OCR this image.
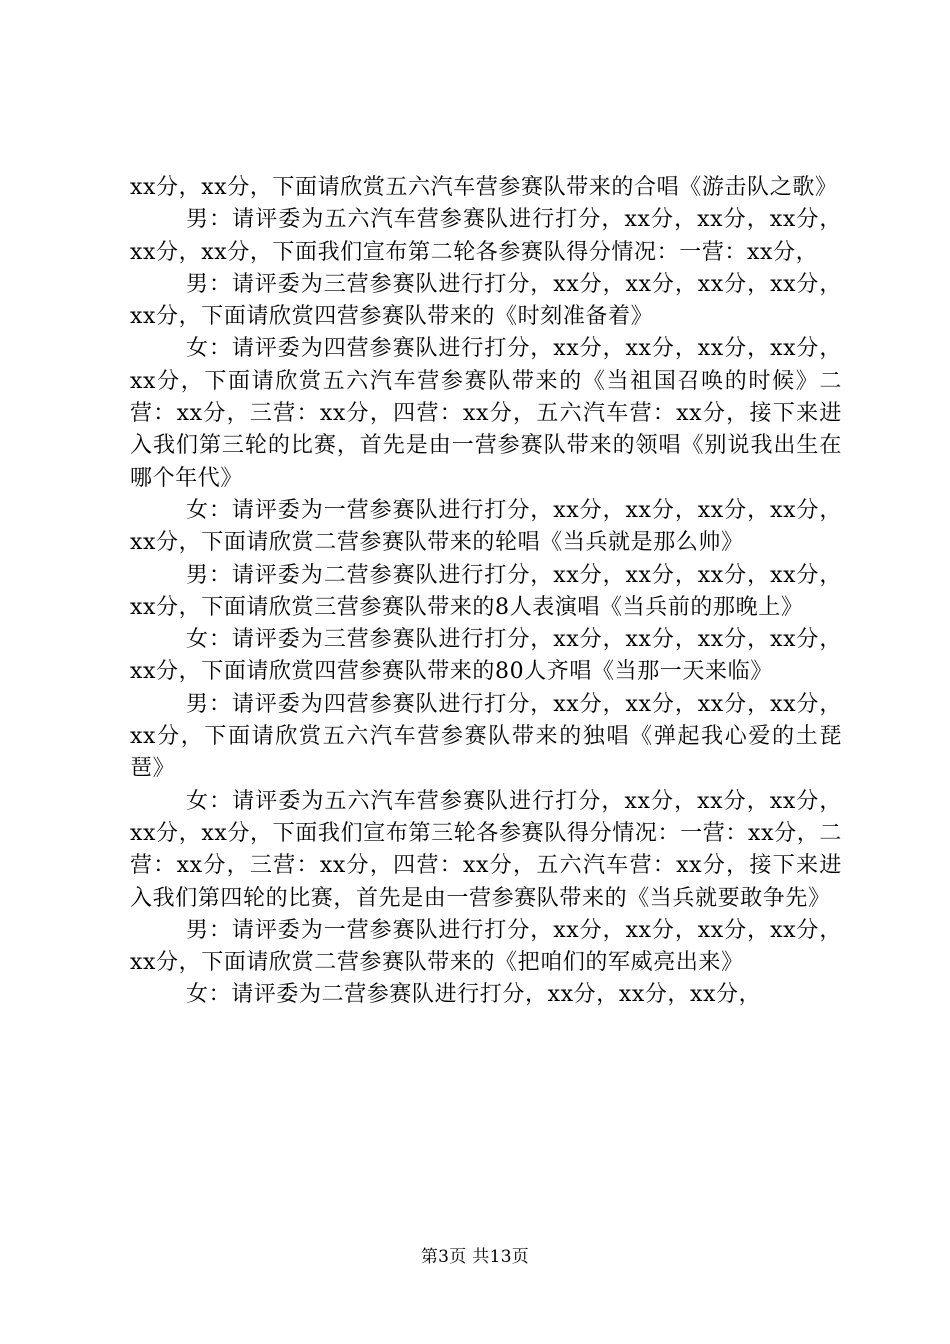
xx分，xx分，下面请欣赏五六汽车营参赛队带来的合唱《游击队之歌》

男：请评委为五六汽车营参赛队进行打分，xx分，xx分，xx分，xx分，xx分，下面我们宣布第二轮各参赛队得分情况：一营：xx分，

男：请评委为三营参赛队进行打分，xx分，xx分，xx分，xx分，xx分，下面请欣赏四营参赛队带来的《时刻准备着》

女：请评委为四营参赛队进行打分，xx分，xx分，xx分，xx分，xx分，下面请欣赏五六汽车营参赛队带来的《当祖国召唤的时候》二营：xx分，三营：xx分，四营：xx分，五六汽车营：xx分，接下来进入我们第三轮的比赛，首先是由一营参赛队带来的领唱《别说我出生在哪个年代》

女：请评委为一营参赛队进行打分，xx分，xx分，xx分，xx分，xx分，下面请欣赏二营参赛队带来的轮唱《当兵就是那么帅》

男：请评委为二营参赛队进行打分，xx分，xx分，xx分，xx分，xx分，下面请欣赏三营参赛队带来的8人表演唱《当兵前的那晚上》

女：请评委为三营参赛队进行打分，xx分，xx分，xx分，xx分，xx分，下面请欣赏四营参赛队带来的80人齐唱《当那一天来临》

男：请评委为四营参赛队进行打分，xx分，xx分，xx分，xx分，xx分，下面请欣赏五六汽车营参赛队带来的独唱《弹起我心爱的土琵琶》

女：请评委为五六汽车营参赛队进行打分，xx分，xx分，xx分，xx分，xx分，下面我们宣布第三轮各参赛队得分情况：一营：xx分，二营：xx分，三营：xx分，四营：xx分，五六汽车营：xx分，接下来进入我们第四轮的比赛，首先是由一营参赛队带来的《当兵就要敢争先》

男：请评委为一营参赛队进行打分，xx分，xx分，xx分，xx分，xx分，下面请欣赏二营参赛队带来的《把咱们的军威亮出来》

女：请评委为二营参赛队进行打分，xx分，xx分，xx分，

第3页 共13页
